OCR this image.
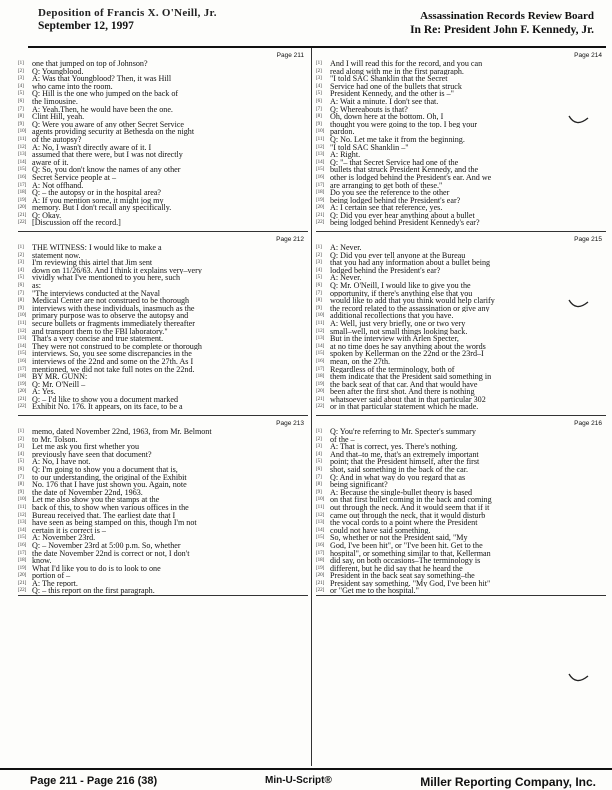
Deposition of Francis X. O'Neill, Jr.
September 12, 1997
Assassination Records Review Board
In Re: President John F. Kennedy, Jr.
Page 211
[1]	one that jumped on top of Johnson?
[2]	Q: Youngblood.
[3]	A: Was that Youngblood? Then, it was Hill
[4]	who came into the room.
[5]	Q: Hill is the one who jumped on the back of
[6]	the limousine.
[7]	A: Yeah.Then, he would have been the one.
[8]	Clint Hill, yeah.
[9]	Q: Were you aware of any other Secret Service
[10] agents providing security at Bethesda on the night
[11] of the autopsy?
[12] A: No, I wasn't directly aware of it. I
[13] assumed that there were, but I was not directly
[14] aware of it.
[15] Q: So, you don't know the names of any other
[16] Secret Service people at –
[17] A: Not offhand.
[18] Q: – the autopsy or in the hospital area?
[19] A: If you mention some, it might jog my
[20] memory. But I don't recall any specifically.
[21] Q: Okay.
[22] [Discussion off the record.]
Page 212
[1]	THE WITNESS: I would like to make a
[2]	statement now.
[3]	I'm reviewing this airtel that Jim sent
[4]	down on 11/26/63. And I think it explains very–very
[5]	vividly what I've mentioned to you here, such
[6]	as:
[7]	"The interviews conducted at the Naval
[8]	Medical Center are not construed to be thorough
[9]	interviews with these individuals, inasmuch as the
[10] primary purpose was to observe the autopsy and
[11] secure bullets or fragments immediately thereafter
[12] and transport them to the FBI laboratory."
[13] That's a very concise and true statement.
[14] They were not construed to be complete or thorough
[15] interviews. So, you see some discrepancies in the
[16] interviews of the 22nd and some on the 27th. As I
[17] mentioned, we did not take full notes on the 22nd.
[18] BY MR. GUNN:
[19] Q: Mr. O'Neill –
[20] A: Yes.
[21] Q: – I'd like to show you a document marked
[22] Exhibit No. 176. It appears, on its face, to be a
Page 213
[1]	memo, dated November 22nd, 1963, from Mr. Belmont
[2]	to Mr. Tolson.
[3]	Let me ask you first whether you
[4]	previously have seen that document?
[5]	A: No, I have not.
[6]	Q: I'm going to show you a document that is,
[7]	to our understanding, the original of the Exhibit
[8]	No. 176 that I have just shown you. Again, note
[9]	the date of November 22nd, 1963.
[10] Let me also show you the stamps at the
[11] back of this, to show when various offices in the
[12] Bureau received that. The earliest date that I
[13] have seen as being stamped on this, though I'm not
[14] certain it is correct is –
[15] A: November 23rd.
[16] Q: – November 23rd at 5:00 p.m. So, whether
[17] the date November 22nd is correct or not, I don't
[18] know.
[19] What I'd like you to do is to look to one
[20] portion of –
[21] A: The report.
[22] Q: – this report on the first paragraph.
Page 214
[1]	And I will read this for the record, and you can
[2]	read along with me in the first paragraph.
[3]	"I told SAC Shanklin that the Secret
[4]	Service had one of the bullets that struck
[5]	President Kennedy, and the other is –"
[6]	A: Wait a minute. I don't see that.
[7]	Q: Whereabouts is that?
[8]	Oh, down here at the bottom. Oh, I
[9]	thought you were going to the top. I beg your
[10] pardon.
[11] Q: No. Let me take it from the beginning.
[12] "I told SAC Shanklin –"
[13] A: Right.
[14] Q: "– that Secret Service had one of the
[15] bullets that struck President Kennedy, and the
[16] other is lodged behind the President's ear. And we
[17] are arranging to get both of these."
[18] Do you see the reference to the other
[19] being lodged behind the President's ear?
[20] A: I certain see that reference, yes.
[21] Q: Did you ever hear anything about a bullet
[22] being lodged behind President Kennedy's ear?
Page 215
[1]	A: Never.
[2]	Q: Did you ever tell anyone at the Bureau
[3]	that you had any information about a bullet being
[4]	lodged behind the President's ear?
[5]	A: Never.
[6]	Q: Mr. O'Neill, I would like to give you the
[7]	opportunity, if there's anything else that you
[8]	would like to add that you think would help clarify
[9]	the record related to the assassination or give any
[10] additional recollections that you have.
[11] A: Well, just very briefly, one or two very
[12] small–well, not small things looking back.
[13] But in the interview with Arlen Specter,
[14] at no time does he say anything about the words
[15] spoken by Kellerman on the 22nd or the 23rd–I
[16] mean, on the 27th.
[17] Regardless of the terminology, both of
[18] them indicate that the President said something in
[19] the back seat of that car. And that would have
[20] been after the first shot. And there is nothing
[21] whatsoever said about that in that particular 302
[22] or in that particular statement which he made.
Page 216
[1]	Q: You're referring to Mr. Specter's summary
[2]	of the –
[3]	A: That is correct, yes. There's nothing.
[4]	And that–to me, that's an extremely important
[5]	point; that the President himself, after the first
[6]	shot, said something in the back of the car.
[7]	Q: And in what way do you regard that as
[8]	being significant?
[9]	A: Because the single-bullet theory is based
[10] on that first bullet coming in the back and coming
[11] out through the neck. And it would seem that if it
[12] came out through the neck, that it would disturb
[13] the vocal cords to a point where the President
[14] could not have said something.
[15] So, whether or not the President said, "My
[16] God, I've been hit", or "I've been hit. Get to the
[17] hospital", or something similar to that, Kellerman
[18] did say, on both occasions–The terminology is
[19] different, but he did say that he heard the
[20] President in the back seat say something–the
[21] President say something. "My God, I've been hit"
[22] or "Get me to the hospital."
Page 211 - Page 216 (38)	Min-U-Script®	Miller Reporting Company, Inc.
